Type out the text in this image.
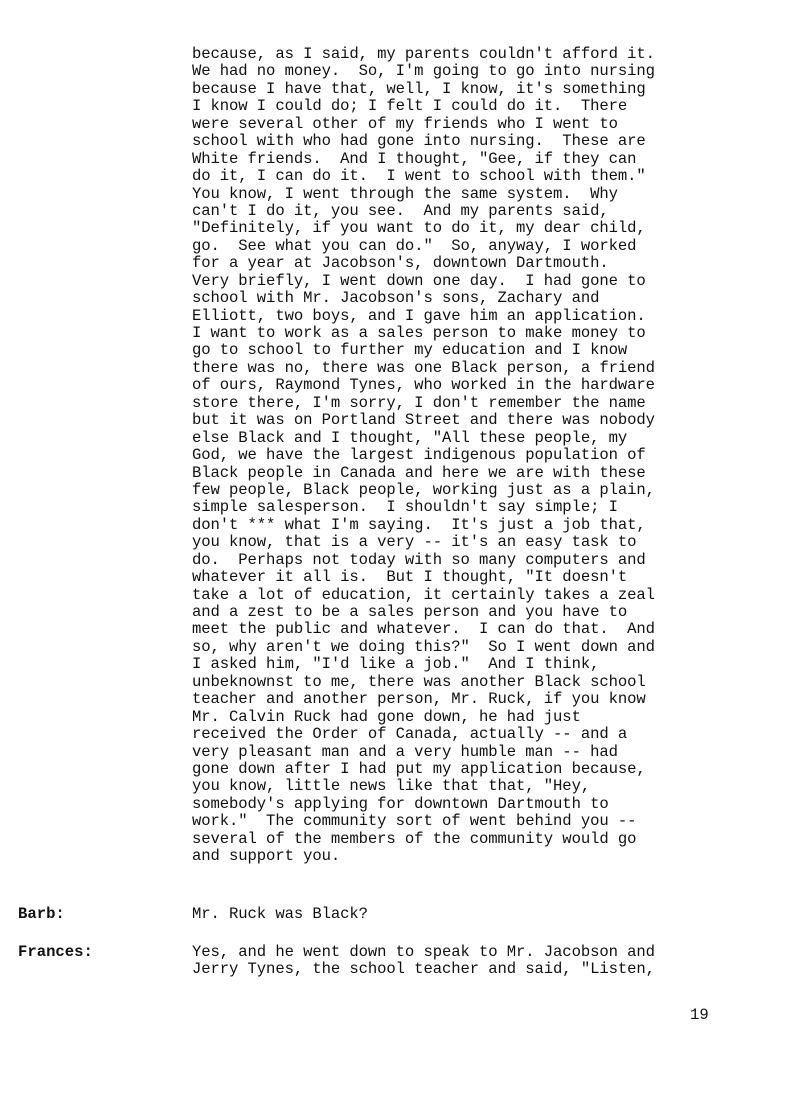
because, as I said, my parents couldn't afford it.
We had no money.  So, I'm going to go into nursing
because I have that, well, I know, it's something
I know I could do; I felt I could do it.  There
were several other of my friends who I went to
school with who had gone into nursing.  These are
White friends.  And I thought, "Gee, if they can
do it, I can do it.  I went to school with them."
You know, I went through the same system.  Why
can't I do it, you see.  And my parents said,
"Definitely, if you want to do it, my dear child,
go.  See what you can do."  So, anyway, I worked
for a year at Jacobson's, downtown Dartmouth.
Very briefly, I went down one day.  I had gone to
school with Mr. Jacobson's sons, Zachary and
Elliott, two boys, and I gave him an application.
I want to work as a sales person to make money to
go to school to further my education and I know
there was no, there was one Black person, a friend
of ours, Raymond Tynes, who worked in the hardware
store there, I'm sorry, I don't remember the name
but it was on Portland Street and there was nobody
else Black and I thought, "All these people, my
God, we have the largest indigenous population of
Black people in Canada and here we are with these
few people, Black people, working just as a plain,
simple salesperson.  I shouldn't say simple; I
don't *** what I'm saying.  It's just a job that,
you know, that is a very -- it's an easy task to
do.  Perhaps not today with so many computers and
whatever it all is.  But I thought, "It doesn't
take a lot of education, it certainly takes a zeal
and a zest to be a sales person and you have to
meet the public and whatever.  I can do that.  And
so, why aren't we doing this?"  So I went down and
I asked him, "I'd like a job."  And I think,
unbeknownst to me, there was another Black school
teacher and another person, Mr. Ruck, if you know
Mr. Calvin Ruck had gone down, he had just
received the Order of Canada, actually -- and a
very pleasant man and a very humble man -- had
gone down after I had put my application because,
you know, little news like that that, "Hey,
somebody's applying for downtown Dartmouth to
work."  The community sort of went behind you --
several of the members of the community would go
and support you.
Barb:	Mr. Ruck was Black?
Frances:	Yes, and he went down to speak to Mr. Jacobson and
Jerry Tynes, the school teacher and said, "Listen,
19
